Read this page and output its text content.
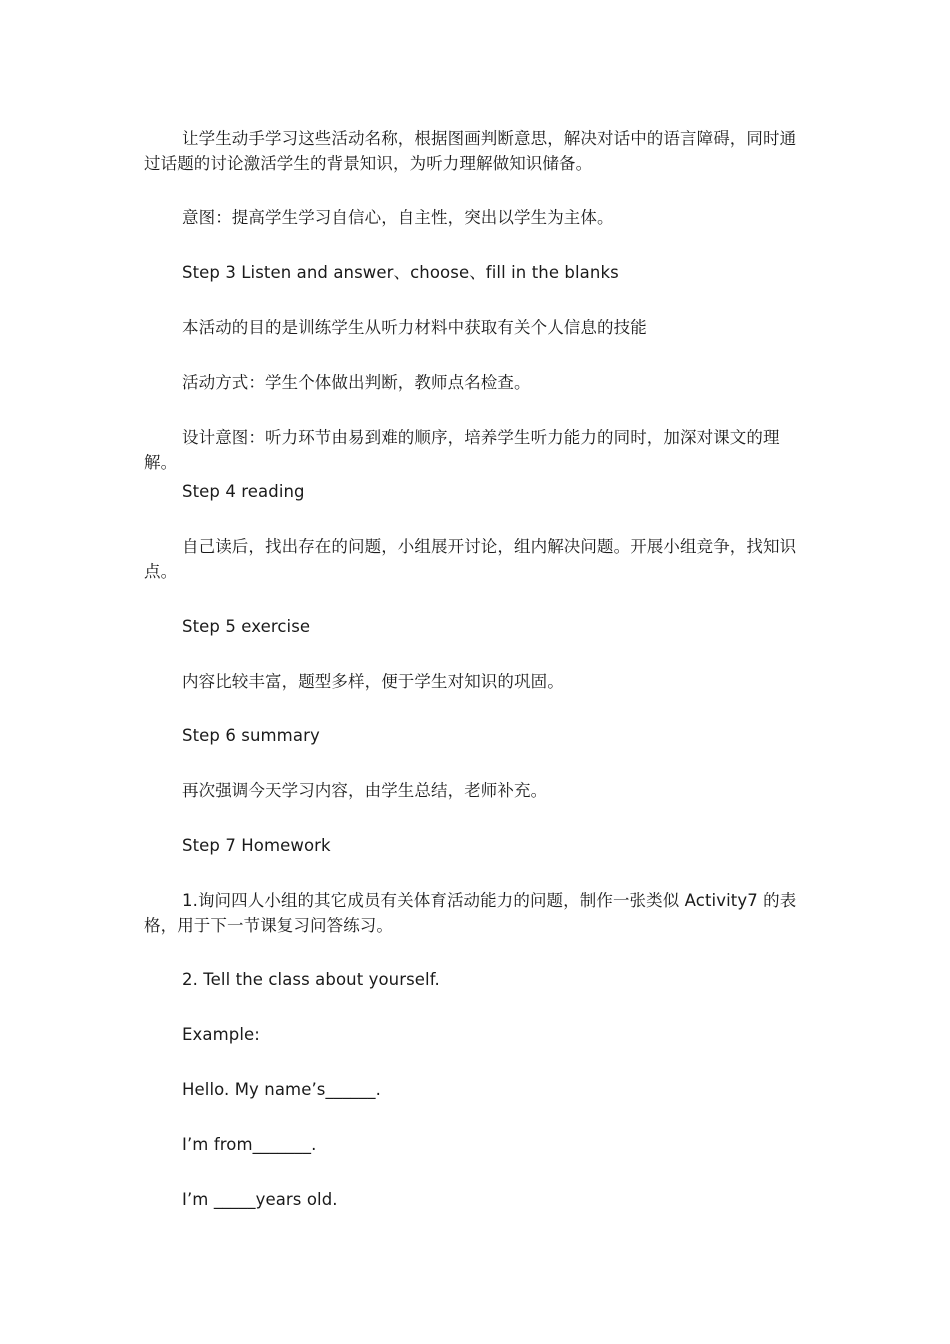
让学生动手学习这些活动名称，根据图画判断意思，解决对话中的语言障碍，同时通过话题的讨论激活学生的背景知识，为听力理解做知识储备。

意图：提高学生学习自信心，自主性，突出以学生为主体。

Step 3 Listen and answer、choose、fill in the blanks

本活动的目的是训练学生从听力材料中获取有关个人信息的技能

活动方式：学生个体做出判断，教师点名检查。

设计意图：听力环节由易到难的顺序，培养学生听力能力的同时，加深对课文的理解。

Step 4 reading

自己读后，找出存在的问题，小组展开讨论，组内解决问题。开展小组竞争，找知识点。

Step 5 exercise

内容比较丰富，题型多样，便于学生对知识的巩固。

Step 6 summary

再次强调今天学习内容，由学生总结，老师补充。

Step 7 Homework

1.询问四人小组的其它成员有关体育活动能力的问题，制作一张类似 Activity7 的表格，用于下一节课复习问答练习。

2. Tell the class about yourself.

Example:

Hello. My name’s______.

I’m from_______.

I’m _____years old.
